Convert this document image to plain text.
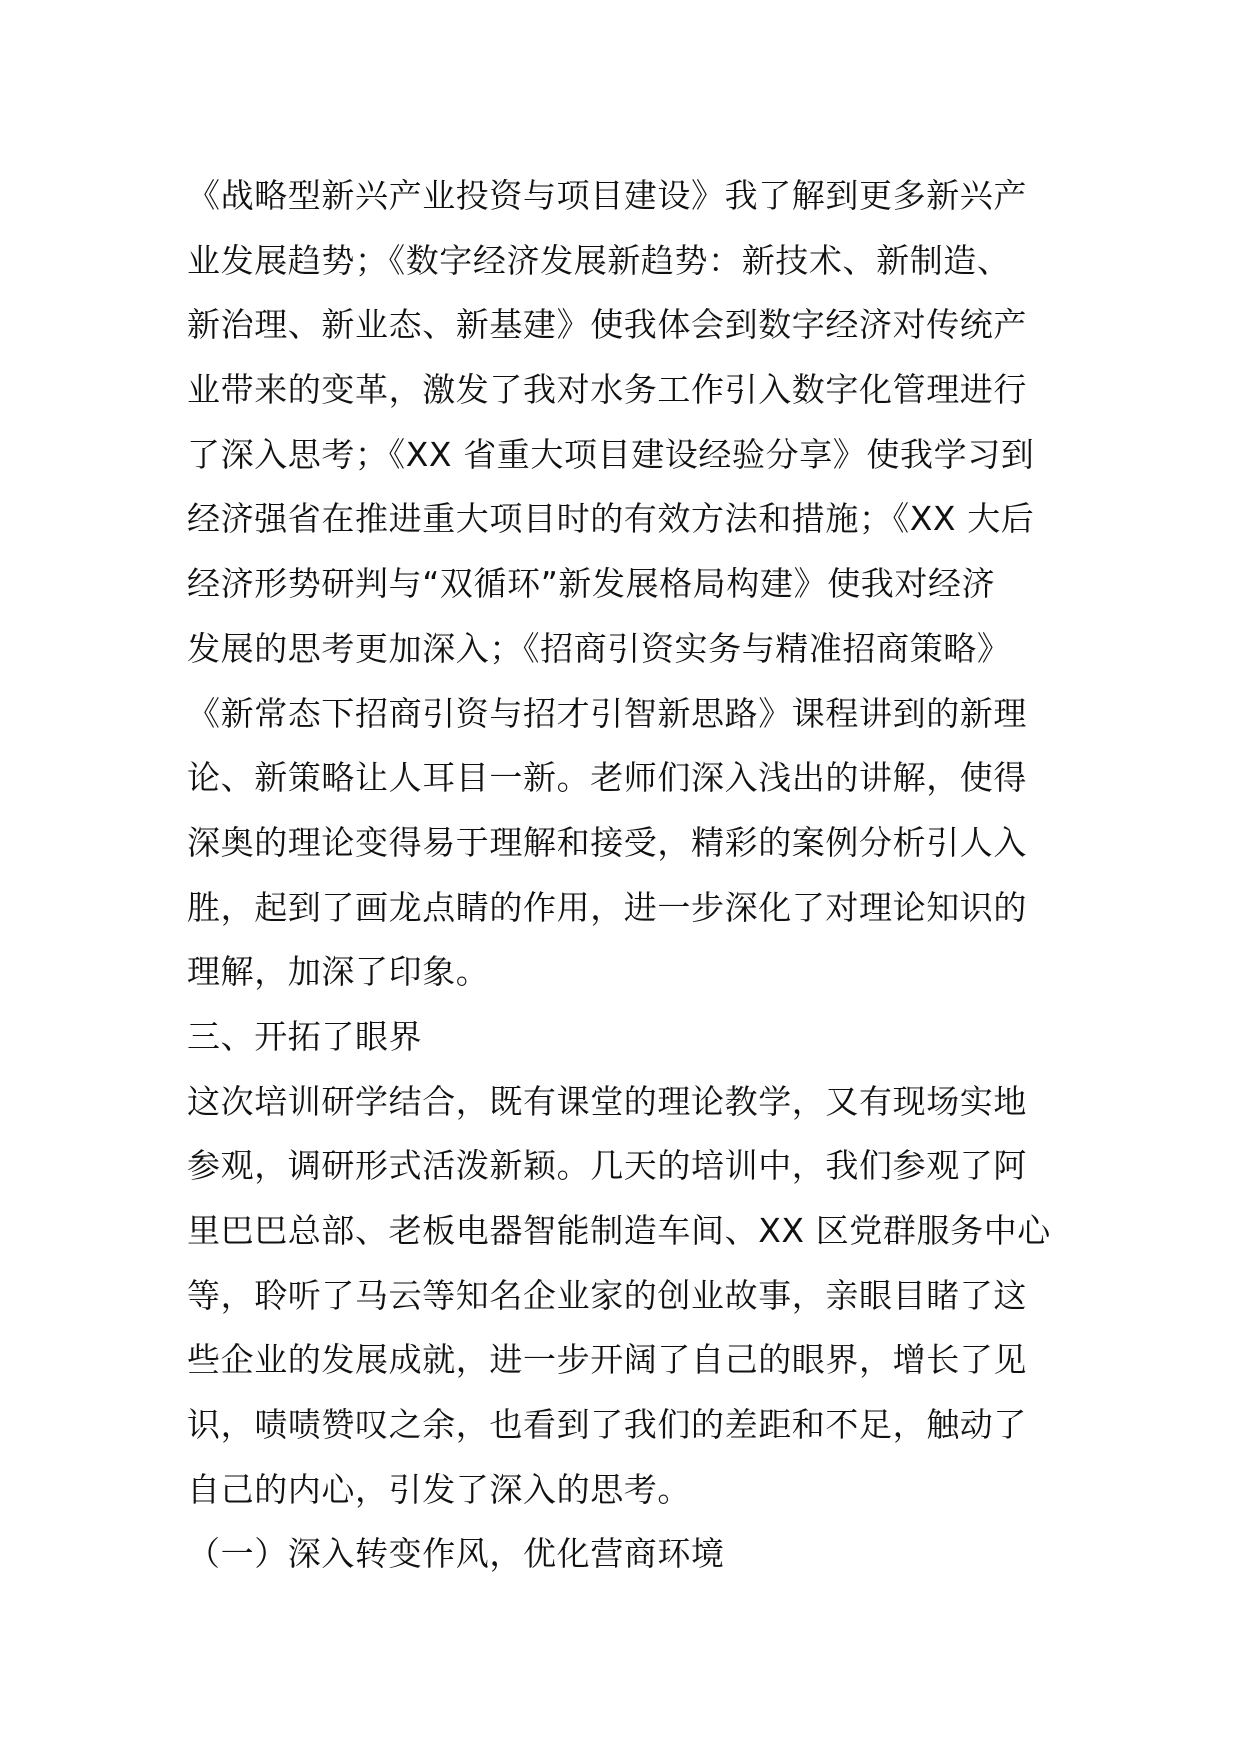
《战略型新兴产业投资与项目建设》我了解到更多新兴产
业发展趋势；《数字经济发展新趋势：新技术、新制造、
新治理、新业态、新基建》使我体会到数字经济对传统产
业带来的变革，激发了我对水务工作引入数字化管理进行
了深入思考；《XX 省重大项目建设经验分享》使我学习到
经济强省在推进重大项目时的有效方法和措施；《XX 大后
经济形势研判与“双循环”新发展格局构建》使我对经济
发展的思考更加深入；《招商引资实务与精准招商策略》
《新常态下招商引资与招才引智新思路》课程讲到的新理
论、新策略让人耳目一新。老师们深入浅出的讲解，使得
深奥的理论变得易于理解和接受，精彩的案例分析引人入
胜，起到了画龙点睛的作用，进一步深化了对理论知识的
理解，加深了印象。
三、开拓了眼界
这次培训研学结合，既有课堂的理论教学，又有现场实地
参观，调研形式活泼新颖。几天的培训中，我们参观了阿
里巴巴总部、老板电器智能制造车间、XX 区党群服务中心
等，聆听了马云等知名企业家的创业故事，亲眼目睹了这
些企业的发展成就，进一步开阔了自己的眼界，增长了见
识，啧啧赞叹之余，也看到了我们的差距和不足，触动了
自己的内心，引发了深入的思考。
（一）深入转变作风，优化营商环境
